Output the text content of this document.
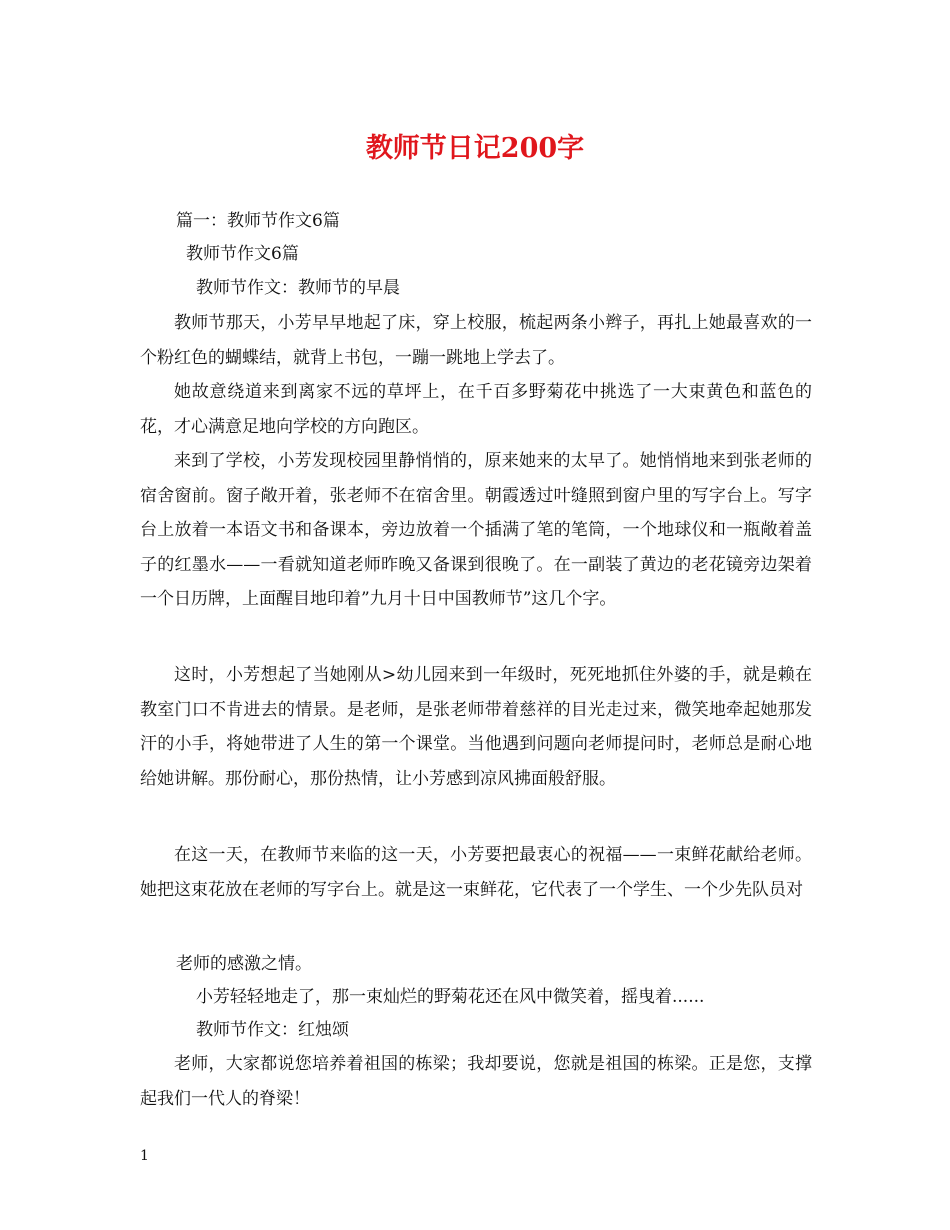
教师节日记200字
篇一：教师节作文6篇
教师节作文6篇
教师节作文：教师节的早晨
教师节那天，小芳早早地起了床，穿上校服，梳起两条小辫子，再扎上她最喜欢的一个粉红色的蝴蝶结，就背上书包，一蹦一跳地上学去了。
她故意绕道来到离家不远的草坪上，在千百多野菊花中挑选了一大束黄色和蓝色的花，才心满意足地向学校的方向跑区。
来到了学校，小芳发现校园里静悄悄的，原来她来的太早了。她悄悄地来到张老师的宿舍窗前。窗子敞开着，张老师不在宿舍里。朝霞透过叶缝照到窗户里的写字台上。写字台上放着一本语文书和备课本，旁边放着一个插满了笔的笔筒，一个地球仪和一瓶敞着盖子的红墨水——一看就知道老师昨晚又备课到很晚了。在一副装了黄边的老花镜旁边架着一个日历牌，上面醒目地印着”九月十日中国教师节”这几个字。
这时，小芳想起了当她刚从>幼儿园来到一年级时，死死地抓住外婆的手，就是赖在教室门口不肯进去的情景。是老师，是张老师带着慈祥的目光走过来，微笑地牵起她那发汗的小手，将她带进了人生的第一个课堂。当他遇到问题向老师提问时，老师总是耐心地给她讲解。那份耐心，那份热情，让小芳感到凉风拂面般舒服。
在这一天，在教师节来临的这一天，小芳要把最衷心的祝福——一束鲜花献给老师。她把这束花放在老师的写字台上。就是这一束鲜花，它代表了一个学生、一个少先队员对
老师的感激之情。
小芳轻轻地走了，那一束灿烂的野菊花还在风中微笑着，摇曳着......
教师节作文：红烛颂
老师，大家都说您培养着祖国的栋梁；我却要说，您就是祖国的栋梁。正是您，支撑起我们一代人的脊梁！
1
